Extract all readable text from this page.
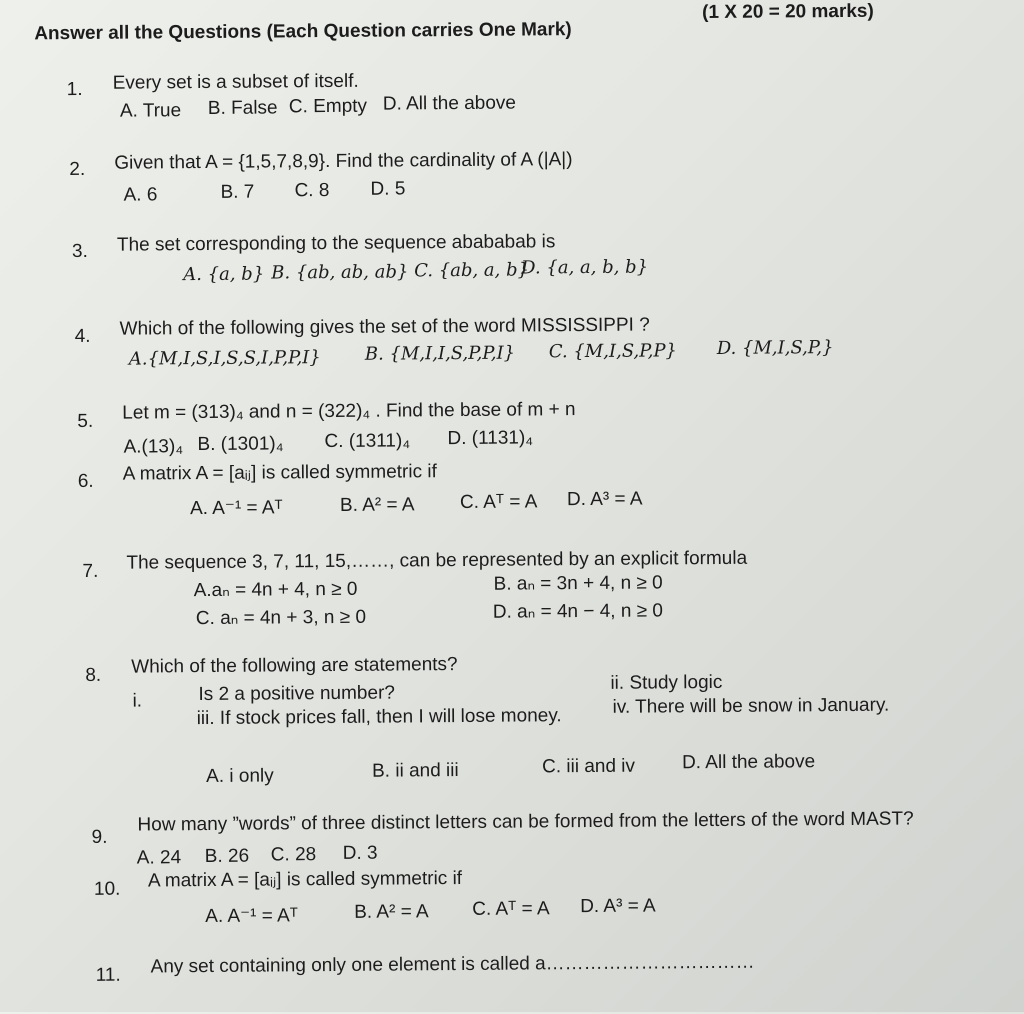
Answer all the Questions (Each Question carries One Mark)
(1 X 20 = 20 marks)
1. Every set is a subset of itself.
A. True B. False C. Empty D. All the above
2. Given that A = {1,5,7,8,9}. Find the cardinality of A (|A|)
A. 6	B. 7 C. 8 D. 5
3. The set corresponding to the sequence abababab is
A. {a, b} B. {ab, ab, ab} C. {ab, a, b}
D. {a, a, b, b}
4. Which of the following gives the set of the word MISSISSIPPI ?
A.{M,I,S,I,S,S,I,P,P,I} B. {M,I,I,S,P,P,I} C. {M,I,S,P,P} D. {M,I,S,P,}
5. Let m = (313)₄ and n = (322)₄ . Find the base of m + n
A.(13)₄ B. (1301)₄ C. (1311)₄ D. (1131)₄
6. A matrix A = [aᵢⱼ] is called symmetric if
A. A⁻¹ = Aᵀ	B. A² = A C. Aᵀ = A D. A³ = A
7. The sequence 3, 7, 11, 15,……, can be represented by an explicit formula
A.aₙ = 4n + 4, n ≥ 0	B. aₙ = 3n + 4, n ≥ 0
C. aₙ = 4n + 3, n ≥ 0	D. aₙ = 4n − 4, n ≥ 0
8. Which of the following are statements?
i.	Is 2 a positive number?	ii. Study logic
iii. If stock prices fall, then I will lose money.	iv. There will be snow in January.
A. i only	B. ii and iii	C. iii and iv D. All the above
9.
How many ”words” of three distinct letters can be formed from the letters of the word MAST?
A. 24 B. 26 C. 28 D. 3
10. A matrix A = [aᵢⱼ] is called symmetric if
A. A⁻¹ = Aᵀ	B. A² = A C. Aᵀ = A D. A³ = A
11. Any set containing only one element is called a……………………………
